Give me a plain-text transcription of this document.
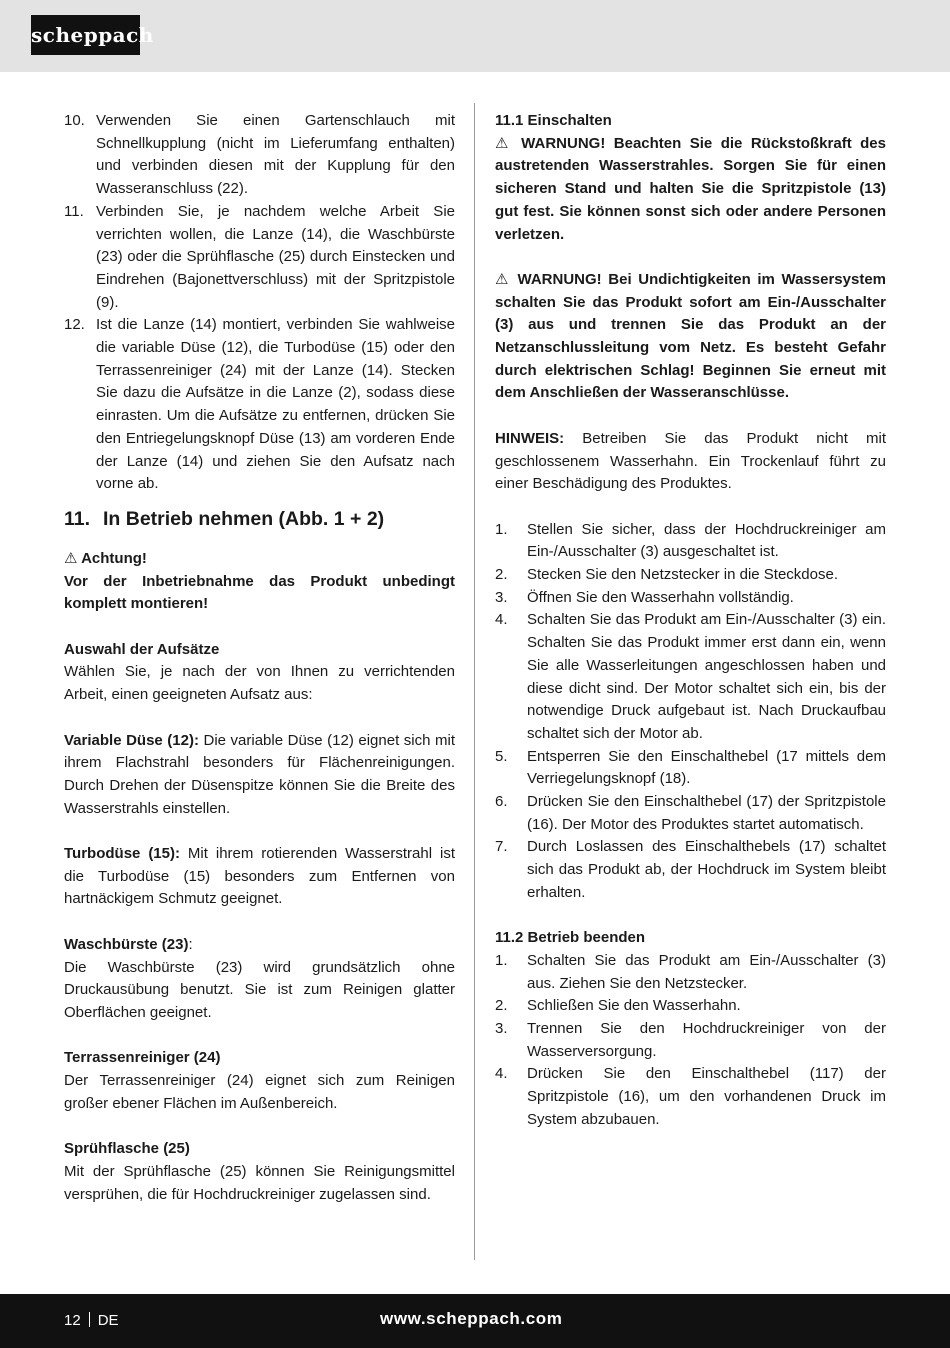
scheppach
10. Verwenden Sie einen Gartenschlauch mit Schnellkupplung (nicht im Lieferumfang enthalten) und verbinden diesen mit der Kupplung für den Wasseranschluss (22).
11. Verbinden Sie, je nachdem welche Arbeit Sie verrichten wollen, die Lanze (14), die Waschbürste (23) oder die Sprühflasche (25) durch Einstecken und Eindrehen (Bajonettverschluss) mit der Spritzpistole (9).
12. Ist die Lanze (14) montiert, verbinden Sie wahlweise die variable Düse (12), die Turbodüse (15) oder den Terrassenreiniger (24) mit der Lanze (14). Stecken Sie dazu die Aufsätze in die Lanze (2), sodass diese einrasten. Um die Aufsätze zu entfernen, drücken Sie den Entriegelungsknopf Düse (13) am vorderen Ende der Lanze (14) und ziehen Sie den Aufsatz nach vorne ab.
11. In Betrieb nehmen (Abb. 1 + 2)

⚠ Achtung!

Vor der Inbetriebnahme das Produkt unbedingt komplett montieren!

Auswahl der Aufsätze

Wählen Sie, je nach der von Ihnen zu verrichtenden Arbeit, einen geeigneten Aufsatz aus:

Variable Düse (12): Die variable Düse (12) eignet sich mit ihrem Flachstrahl besonders für Flächenreinigungen. Durch Drehen der Düsenspitze können Sie die Breite des Wasserstrahls einstellen.

Turbodüse (15): Mit ihrem rotierenden Wasserstrahl ist die Turbodüse (15) besonders zum Entfernen von hartnäckigem Schmutz geeignet.

Waschbürste (23):

Die Waschbürste (23) wird grundsätzlich ohne Druckausübung benutzt. Sie ist zum Reinigen glatter Oberflächen geeignet.

Terrassenreiniger (24)

Der Terrassenreiniger (24) eignet sich zum Reinigen großer ebener Flächen im Außenbereich.

Sprühflasche (25)

Mit der Sprühflasche (25) können Sie Reinigungsmittel versprühen, die für Hochdruckreiniger zugelassen sind.

11.1 Einschalten

⚠ WARNUNG! Beachten Sie die Rückstoßkraft des austretenden Wasserstrahles. Sorgen Sie für einen sicheren Stand und halten Sie die Spritzpistole (13) gut fest. Sie können sonst sich oder andere Personen verletzen.

⚠ WARNUNG! Bei Undichtigkeiten im Wassersystem schalten Sie das Produkt sofort am Ein-/Ausschalter (3) aus und trennen Sie das Produkt an der Netzanschlussleitung vom Netz. Es besteht Gefahr durch elektrischen Schlag! Beginnen Sie erneut mit dem Anschließen der Wasseranschlüsse.

HINWEIS: Betreiben Sie das Produkt nicht mit geschlossenem Wasserhahn. Ein Trockenlauf führt zu einer Beschädigung des Produktes.

1.	Stellen Sie sicher, dass der Hochdruckreiniger am Ein-/Ausschalter (3) ausgeschaltet ist.
2.	Stecken Sie den Netzstecker in die Steckdose.
3.	Öffnen Sie den Wasserhahn vollständig.
4.	Schalten Sie das Produkt am Ein-/Ausschalter (3) ein. Schalten Sie das Produkt immer erst dann ein, wenn Sie alle Wasserleitungen angeschlossen haben und diese dicht sind. Der Motor schaltet sich ein, bis der notwendige Druck aufgebaut ist. Nach Druckaufbau schaltet sich der Motor ab.
5.	Entsperren Sie den Einschalthebel (17 mittels dem Verriegelungsknopf (18).
6.	Drücken Sie den Einschalthebel (17) der Spritzpistole (16). Der Motor des Produktes startet automatisch.
7.	Durch Loslassen des Einschalthebels (17) schaltet sich das Produkt ab, der Hochdruck im System bleibt erhalten.

11.2 Betrieb beenden

1.	Schalten Sie das Produkt am Ein-/Ausschalter (3) aus. Ziehen Sie den Netzstecker.
2.	Schließen Sie den Wasserhahn.
3.	Trennen Sie den Hochdruckreiniger von der Wasserversorgung.
4.	Drücken Sie den Einschalthebel (117) der Spritzpistole (16), um den vorhandenen Druck im System abzubauen.
12 DE	www.scheppach.com
